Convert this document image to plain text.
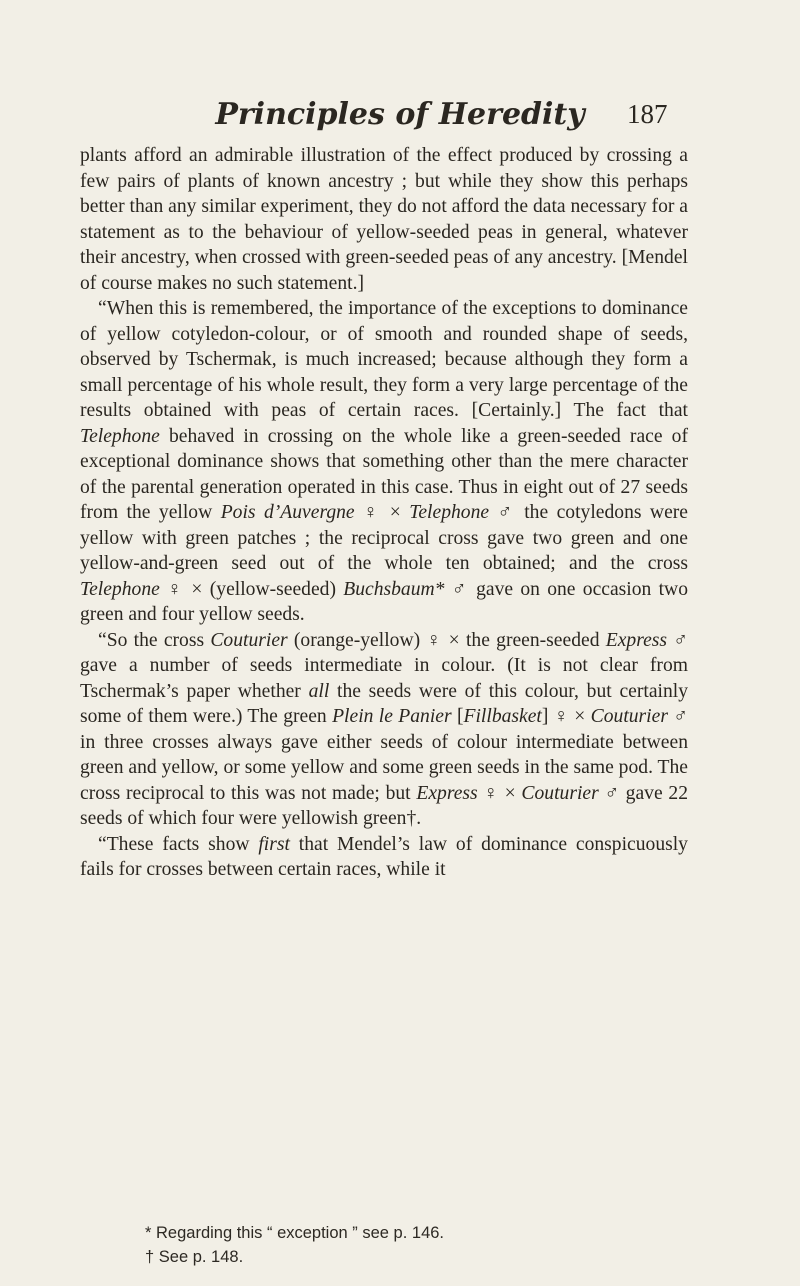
Principles of Heredity	187

plants afford an admirable illustration of the effect produced by crossing a few pairs of plants of known ancestry ; but while they show this perhaps better than any similar experiment, they do not afford the data necessary for a statement as to the behaviour of yellow-seeded peas in general, whatever their ancestry, when crossed with green-seeded peas of any ancestry. [Mendel of course makes no such statement.]

“When this is remembered, the importance of the exceptions to dominance of yellow cotyledon-colour, or of smooth and rounded shape of seeds, observed by Tschermak, is much increased; because although they form a small percentage of his whole result, they form a very large percentage of the results obtained with peas of certain races. [Certainly.] The fact that Telephone behaved in crossing on the whole like a green-seeded race of exceptional dominance shows that something other than the mere character of the parental generation operated in this case. Thus in eight out of 27 seeds from the yellow Pois d’Auvergne ♀ × Telephone ♂ the cotyledons were yellow with green patches ; the reciprocal cross gave two green and one yellow-and-green seed out of the whole ten obtained; and the cross Telephone ♀ × (yellow-seeded) Buchsbaum* ♂ gave on one occasion two green and four yellow seeds.

“So the cross Couturier (orange-yellow) ♀ × the green-seeded Express ♂ gave a number of seeds intermediate in colour. (It is not clear from Tschermak’s paper whether all the seeds were of this colour, but certainly some of them were.) The green Plein le Panier [Fillbasket] ♀ × Couturier ♂ in three crosses always gave either seeds of colour intermediate between green and yellow, or some yellow and some green seeds in the same pod. The cross reciprocal to this was not made; but Express ♀ × Couturier ♂ gave 22 seeds of which four were yellowish green†.

“These facts show first that Mendel’s law of dominance conspicuously fails for crosses between certain races, while it

* Regarding this “ exception ” see p. 146.

† See p. 148.
